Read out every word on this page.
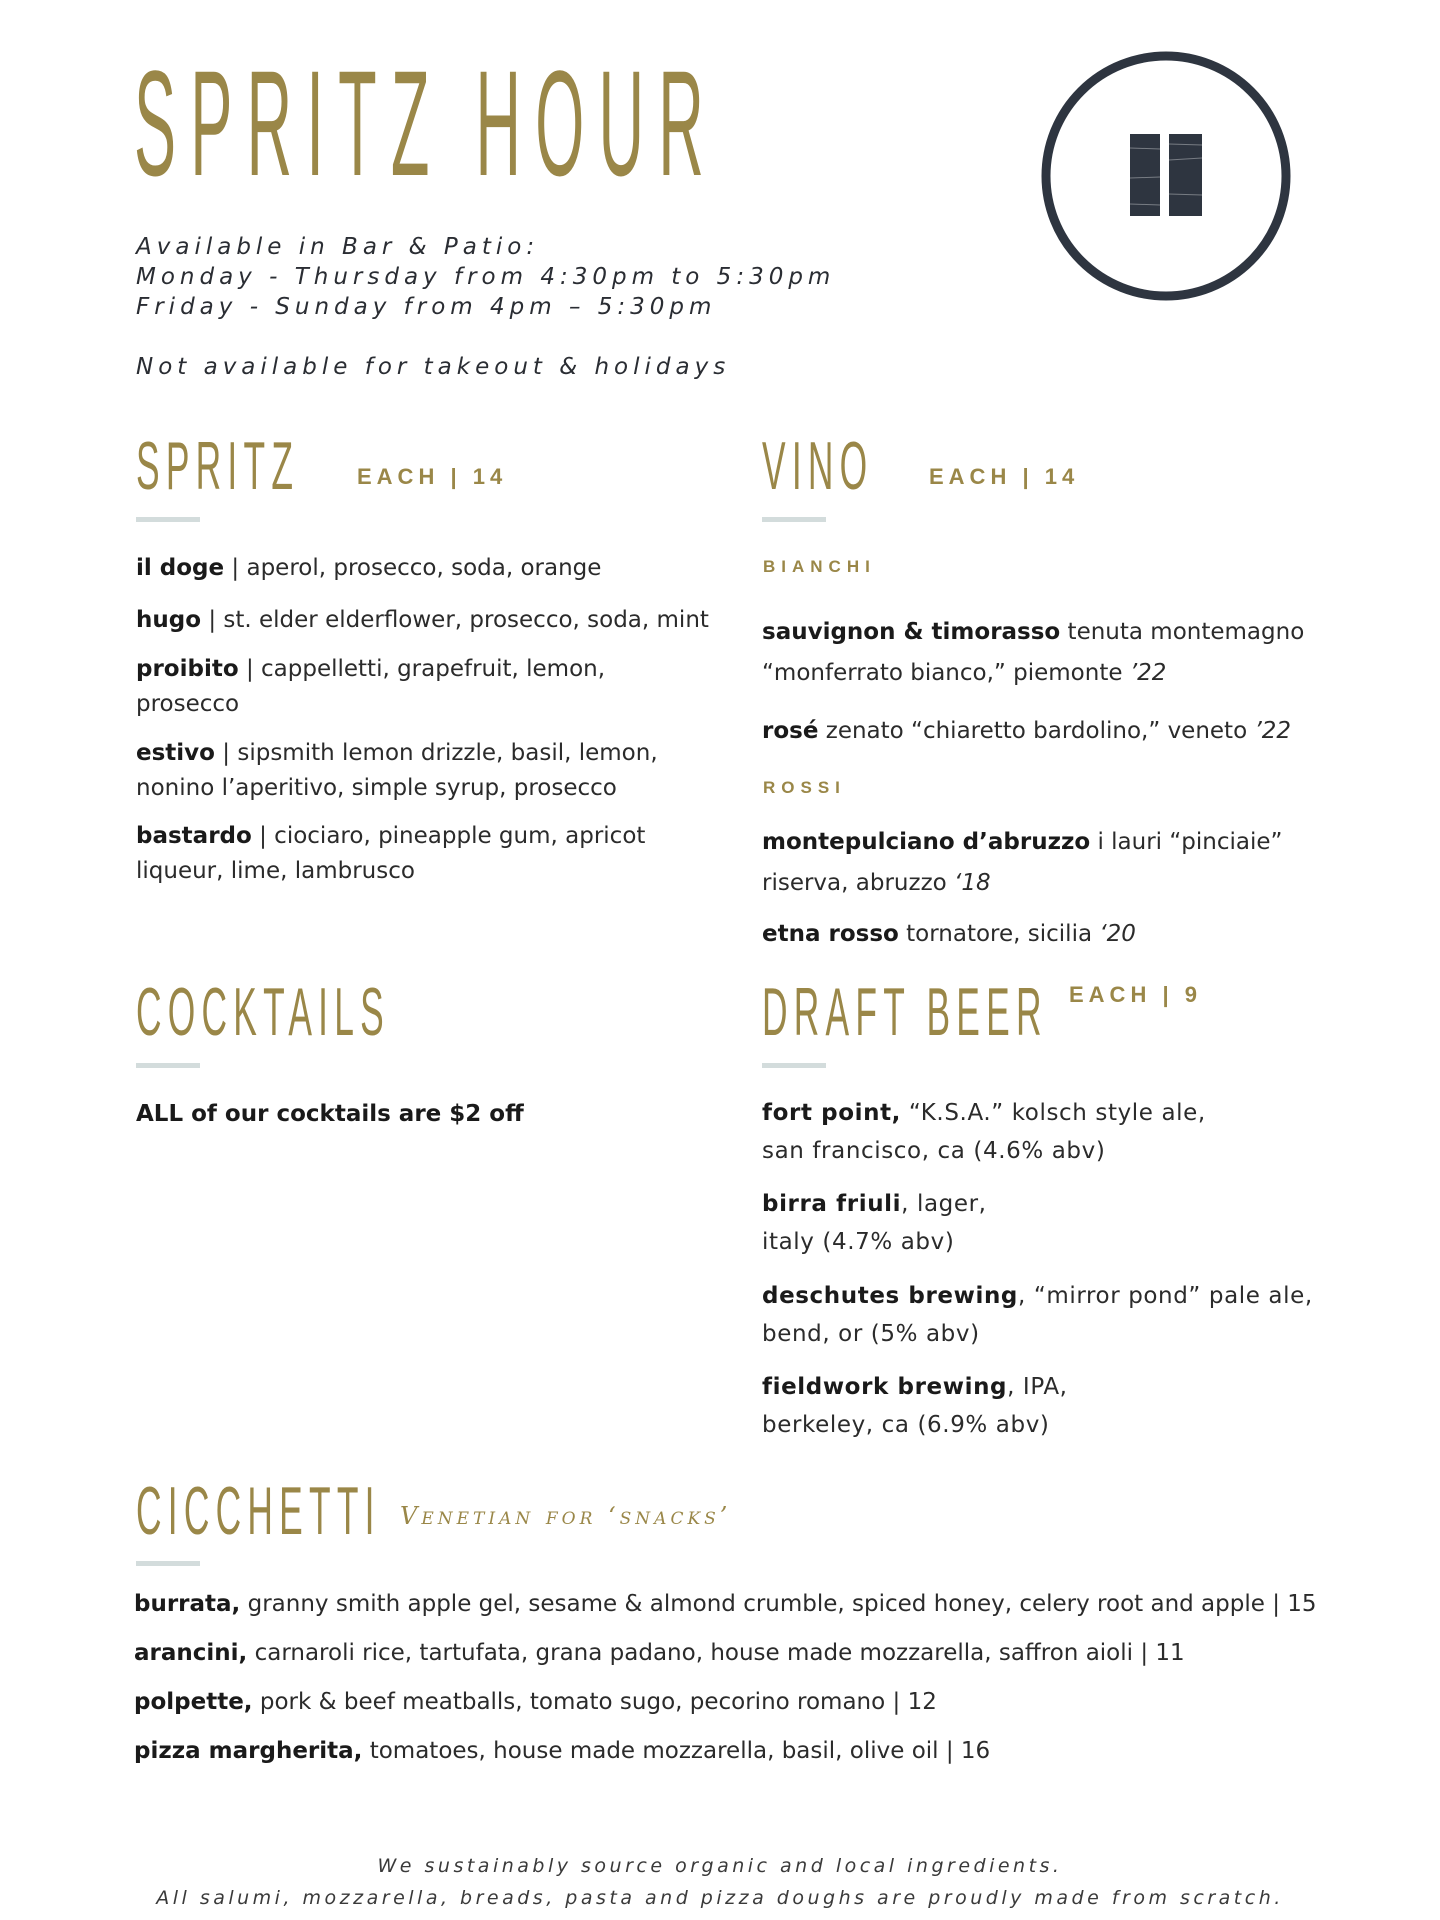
SPRITZ HOUR
Available in Bar & Patio:
Monday - Thursday from 4:30pm to 5:30pm
Friday - Sunday from 4pm – 5:30pm
Not available for takeout & holidays
SPRITZ	EACH | 14
il doge | aperol, prosecco, soda, orange
hugo | st. elder elderflower, prosecco, soda, mint
proibito | cappelletti, grapefruit, lemon, prosecco
estivo | sipsmith lemon drizzle, basil, lemon, nonino l’aperitivo, simple syrup, prosecco
bastardo | ciociaro, pineapple gum, apricot liqueur, lime, lambrusco
VINO	EACH | 14
BIANCHI
sauvignon & timorasso tenuta montemagno “monferrato bianco,” piemonte ’22
rosé zenato “chiaretto bardolino,” veneto ’22
ROSSI
montepulciano d’abruzzo i lauri “pinciaie” riserva, abruzzo ‘18
etna rosso tornatore, sicilia ‘20
COCKTAILS
ALL of our cocktails are $2 off
DRAFT BEER EACH | 9
fort point, “K.S.A.” kolsch style ale,
san francisco, ca (4.6% abv)
birra friuli, lager,
italy (4.7% abv)
deschutes brewing, “mirror pond” pale ale,
bend, or (5% abv)
fieldwork brewing, IPA,
berkeley, ca (6.9% abv)
CICCHETTI Venetian for ‘snacks’
burrata, granny smith apple gel, sesame & almond crumble, spiced honey, celery root and apple | 15
arancini, carnaroli rice, tartufata, grana padano, house made mozzarella, saffron aioli | 11
polpette, pork & beef meatballs, tomato sugo, pecorino romano | 12
pizza margherita, tomatoes, house made mozzarella, basil, olive oil | 16
We sustainably source organic and local ingredients.
All salumi, mozzarella, breads, pasta and pizza doughs are proudly made from scratch.
